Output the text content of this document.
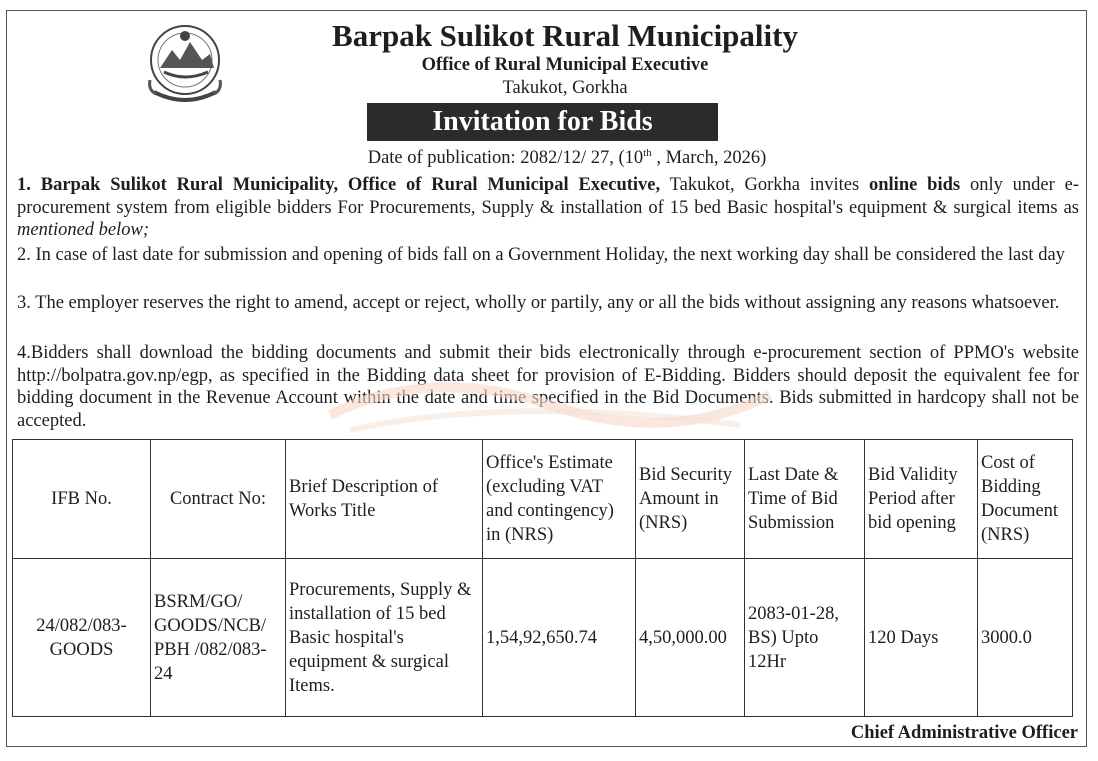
Barpak Sulikot Rural Municipality
Office of Rural Municipal Executive
Takukot, Gorkha
Invitation for Bids
Date of publication: 2082/12/ 27, (10th , March, 2026)
1. Barpak Sulikot Rural Municipality, Office of Rural Municipal Executive, Takukot, Gorkha invites online bids only under e-procurement system from eligible bidders For Procurements, Supply & installation of 15 bed Basic hospital's equipment & surgical items as mentioned below;
2. In case of last date for submission and opening of bids fall on a Government Holiday, the next working day shall be considered the last day
3. The employer reserves the right to amend, accept or reject, wholly or partily, any or all the bids without assigning any reasons whatsoever.
4.Bidders shall download the bidding documents and submit their bids electronically through e-procurement section of PPMO's website http://bolpatra.gov.np/egp, as specified in the Bidding data sheet for provision of E-Bidding. Bidders should deposit the equivalent fee for bidding document in the Revenue Account within the date and time specified in the Bid Documents. Bids submitted in hardcopy shall not be accepted.
IFB No.	Contract No:	Brief Description of Works Title	Office's Estimate (excluding VAT and contingency) in (NRS)	Bid Security Amount in (NRS)	Last Date & Time of Bid Submission	Bid Validity Period after bid opening	Cost of Bidding Document (NRS)
24/082/083-GOODS	BSRM/GO/ GOODS/NCB/ PBH /082/083- 24	Procurements, Supply & installation of 15 bed Basic hospital's equipment & surgical Items.	1,54,92,650.74	4,50,000.00	2083-01-28, BS) Upto 12Hr	120 Days	3000.0
Chief Administrative Officer
